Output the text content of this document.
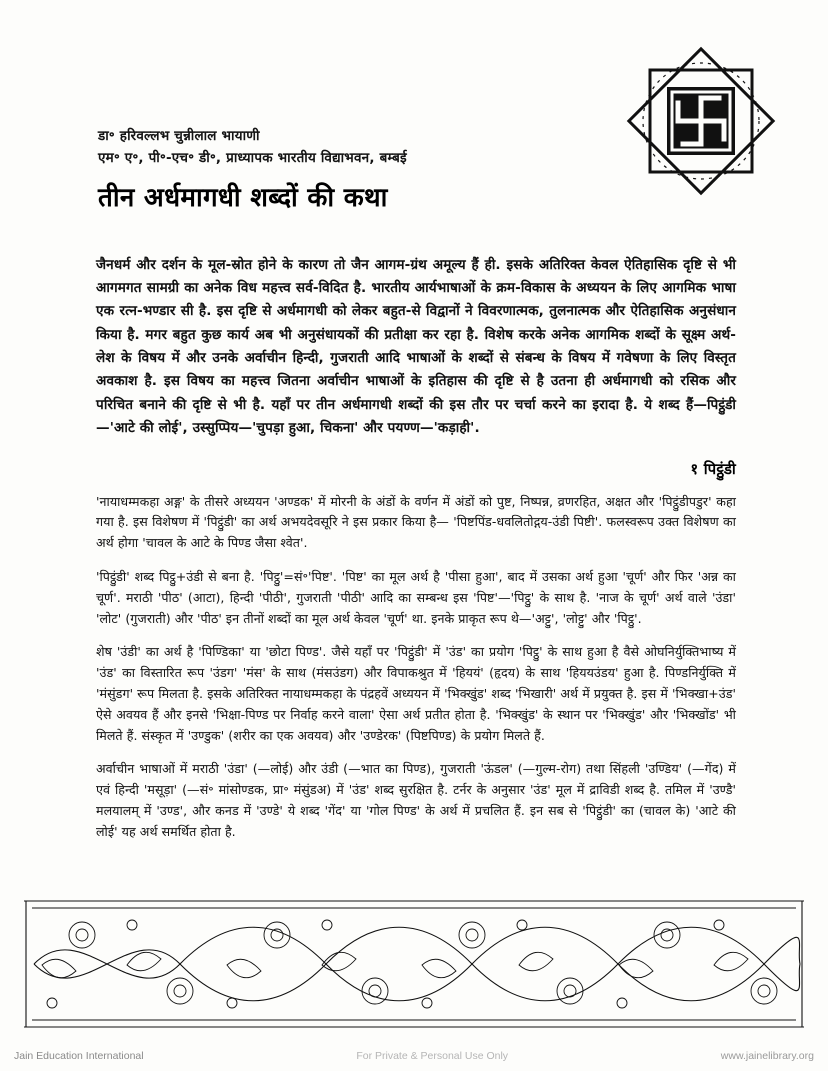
डा॰ हरिवल्लभ चुन्नीलाल भायाणी
एम॰ ए॰, पी॰-एच॰ डी॰, प्राध्यापक भारतीय विद्याभवन, बम्बई
तीन अर्धमागधी शब्दों की कथा

जैनधर्म और दर्शन के मूल-स्रोत होने के कारण तो जैन आगम-ग्रंथ अमूल्य हैं ही. इसके अतिरिक्त केवल ऐतिहासिक दृष्टि से भी आगमगत सामग्री का अनेक विध महत्त्व सर्व-विदित है. भारतीय आर्यभाषाओं के क्रम-विकास के अध्ययन के लिए आगमिक भाषा एक रत्न-भण्डार सी है. इस दृष्टि से अर्धमागधी को लेकर बहुत-से विद्वानों ने विवरणात्मक, तुलनात्मक और ऐतिहासिक अनुसंधान किया है. मगर बहुत कुछ कार्य अब भी अनुसंधायकों की प्रतीक्षा कर रहा है. विशेष करके अनेक आगमिक शब्दों के सूक्ष्म अर्थ-लेश के विषय में और उनके अर्वाचीन हिन्दी, गुजराती आदि भाषाओं के शब्दों से संबन्ध के विषय में गवेषणा के लिए विस्तृत अवकाश है. इस विषय का महत्त्व जितना अर्वाचीन भाषाओं के इतिहास की दृष्टि से है उतना ही अर्धमागधी को रसिक और परिचित बनाने की दृष्टि से भी है. यहाँ पर तीन अर्धमागधी शब्दों की इस तौर पर चर्चा करने का इरादा है. ये शब्द हैं—पिट्ठुंडी—'आटे की लोई', उस्सुप्पिय—'चुपड़ा हुआ, चिकना' और पयण्ण—'कड़ाही'.

१ पिट्ठुंडी

'नायाधम्मकहा अङ्ग' के तीसरे अध्ययन 'अण्डक' में मोरनी के अंडों के वर्णन में अंडों को पुष्ट, निष्पन्न, व्रणरहित, अक्षत और 'पिट्ठुंडीपडुर' कहा गया है. इस विशेषण में 'पिट्ठुंडी' का अर्थ अभयदेवसूरि ने इस प्रकार किया है— 'पिष्टपिंड-धवलितोद्गय-उंडी पिष्टी'. फलस्वरूप उक्त विशेषण का अर्थ होगा 'चावल के आटे के पिण्ड जैसा श्वेत'.

'पिट्ठुंडी' शब्द पिट्ठु+उंडी से बना है. 'पिट्ठु'=सं॰'पिष्ट'. 'पिष्ट' का मूल अर्थ है 'पीसा हुआ', बाद में उसका अर्थ हुआ 'चूर्ण' और फिर 'अन्न का चूर्ण'. मराठी 'पीठ' (आटा), हिन्दी 'पीठी', गुजराती 'पीठी' आदि का सम्बन्ध इस 'पिष्ट'—'पिट्ठु' के साथ है. 'नाज के चूर्ण' अर्थ वाले 'उंडा' 'लोट' (गुजराती) और 'पीठ' इन तीनों शब्दों का मूल अर्थ केवल 'चूर्ण' था. इनके प्राकृत रूप थे—'अट्टु', 'लोट्टु' और 'पिट्ठु'.

शेष 'उंडी' का अर्थ है 'पिण्डिका' या 'छोटा पिण्ड'. जैसे यहाँ पर 'पिट्ठुंडी' में 'उंड' का प्रयोग 'पिट्ठु' के साथ हुआ है वैसे ओघनिर्युक्तिभाष्य में 'उंड' का विस्तारित रूप 'उंडग' 'मंस' के साथ (मंसउंडग) और विपाकश्रुत में 'हिययं' (हृदय) के साथ 'हिययउंडय' हुआ है. पिण्डनिर्युक्ति में 'मंसुंडग' रूप मिलता है. इसके अतिरिक्त नायाधम्मकहा के पंद्रहवें अध्ययन में 'भिक्खुंड' शब्द 'भिखारी' अर्थ में प्रयुक्त है. इस में 'भिक्खा+उंड' ऐसे अवयव हैं और इनसे 'भिक्षा-पिण्ड पर निर्वाह करने वाला' ऐसा अर्थ प्रतीत होता है. 'भिक्खुंड' के स्थान पर 'भिक्खुंड' और 'भिक्खोंड' भी मिलते हैं. संस्कृत में 'उण्डुक' (शरीर का एक अवयव) और 'उण्डेरक' (पिष्टपिण्ड) के प्रयोग मिलते हैं.

अर्वाचीन भाषाओं में मराठी 'उंडा' (—लोई) और उंडी (—भात का पिण्ड), गुजराती 'ऊंडल' (—गुल्म-रोग) तथा सिंहली 'उण्डिय' (—गेंद) में एवं हिन्दी 'मसूड़ा' (—सं॰ मांसोण्डक, प्रा॰ मंसुंडअ) में 'उंड' शब्द सुरक्षित है. टर्नर के अनुसार 'उंड' मूल में द्राविडी शब्द है. तमिल में 'उण्डै' मलयालम् में 'उण्ड', और कनड में 'उण्डे' ये शब्द 'गेंद' या 'गोल पिण्ड' के अर्थ में प्रचलित हैं. इन सब से 'पिट्ठुंडी' का (चावल के) 'आटे की लोई' यह अर्थ समर्थित होता है.

Jain Education International	For Private & Personal Use Only	www.jainelibrary.org
